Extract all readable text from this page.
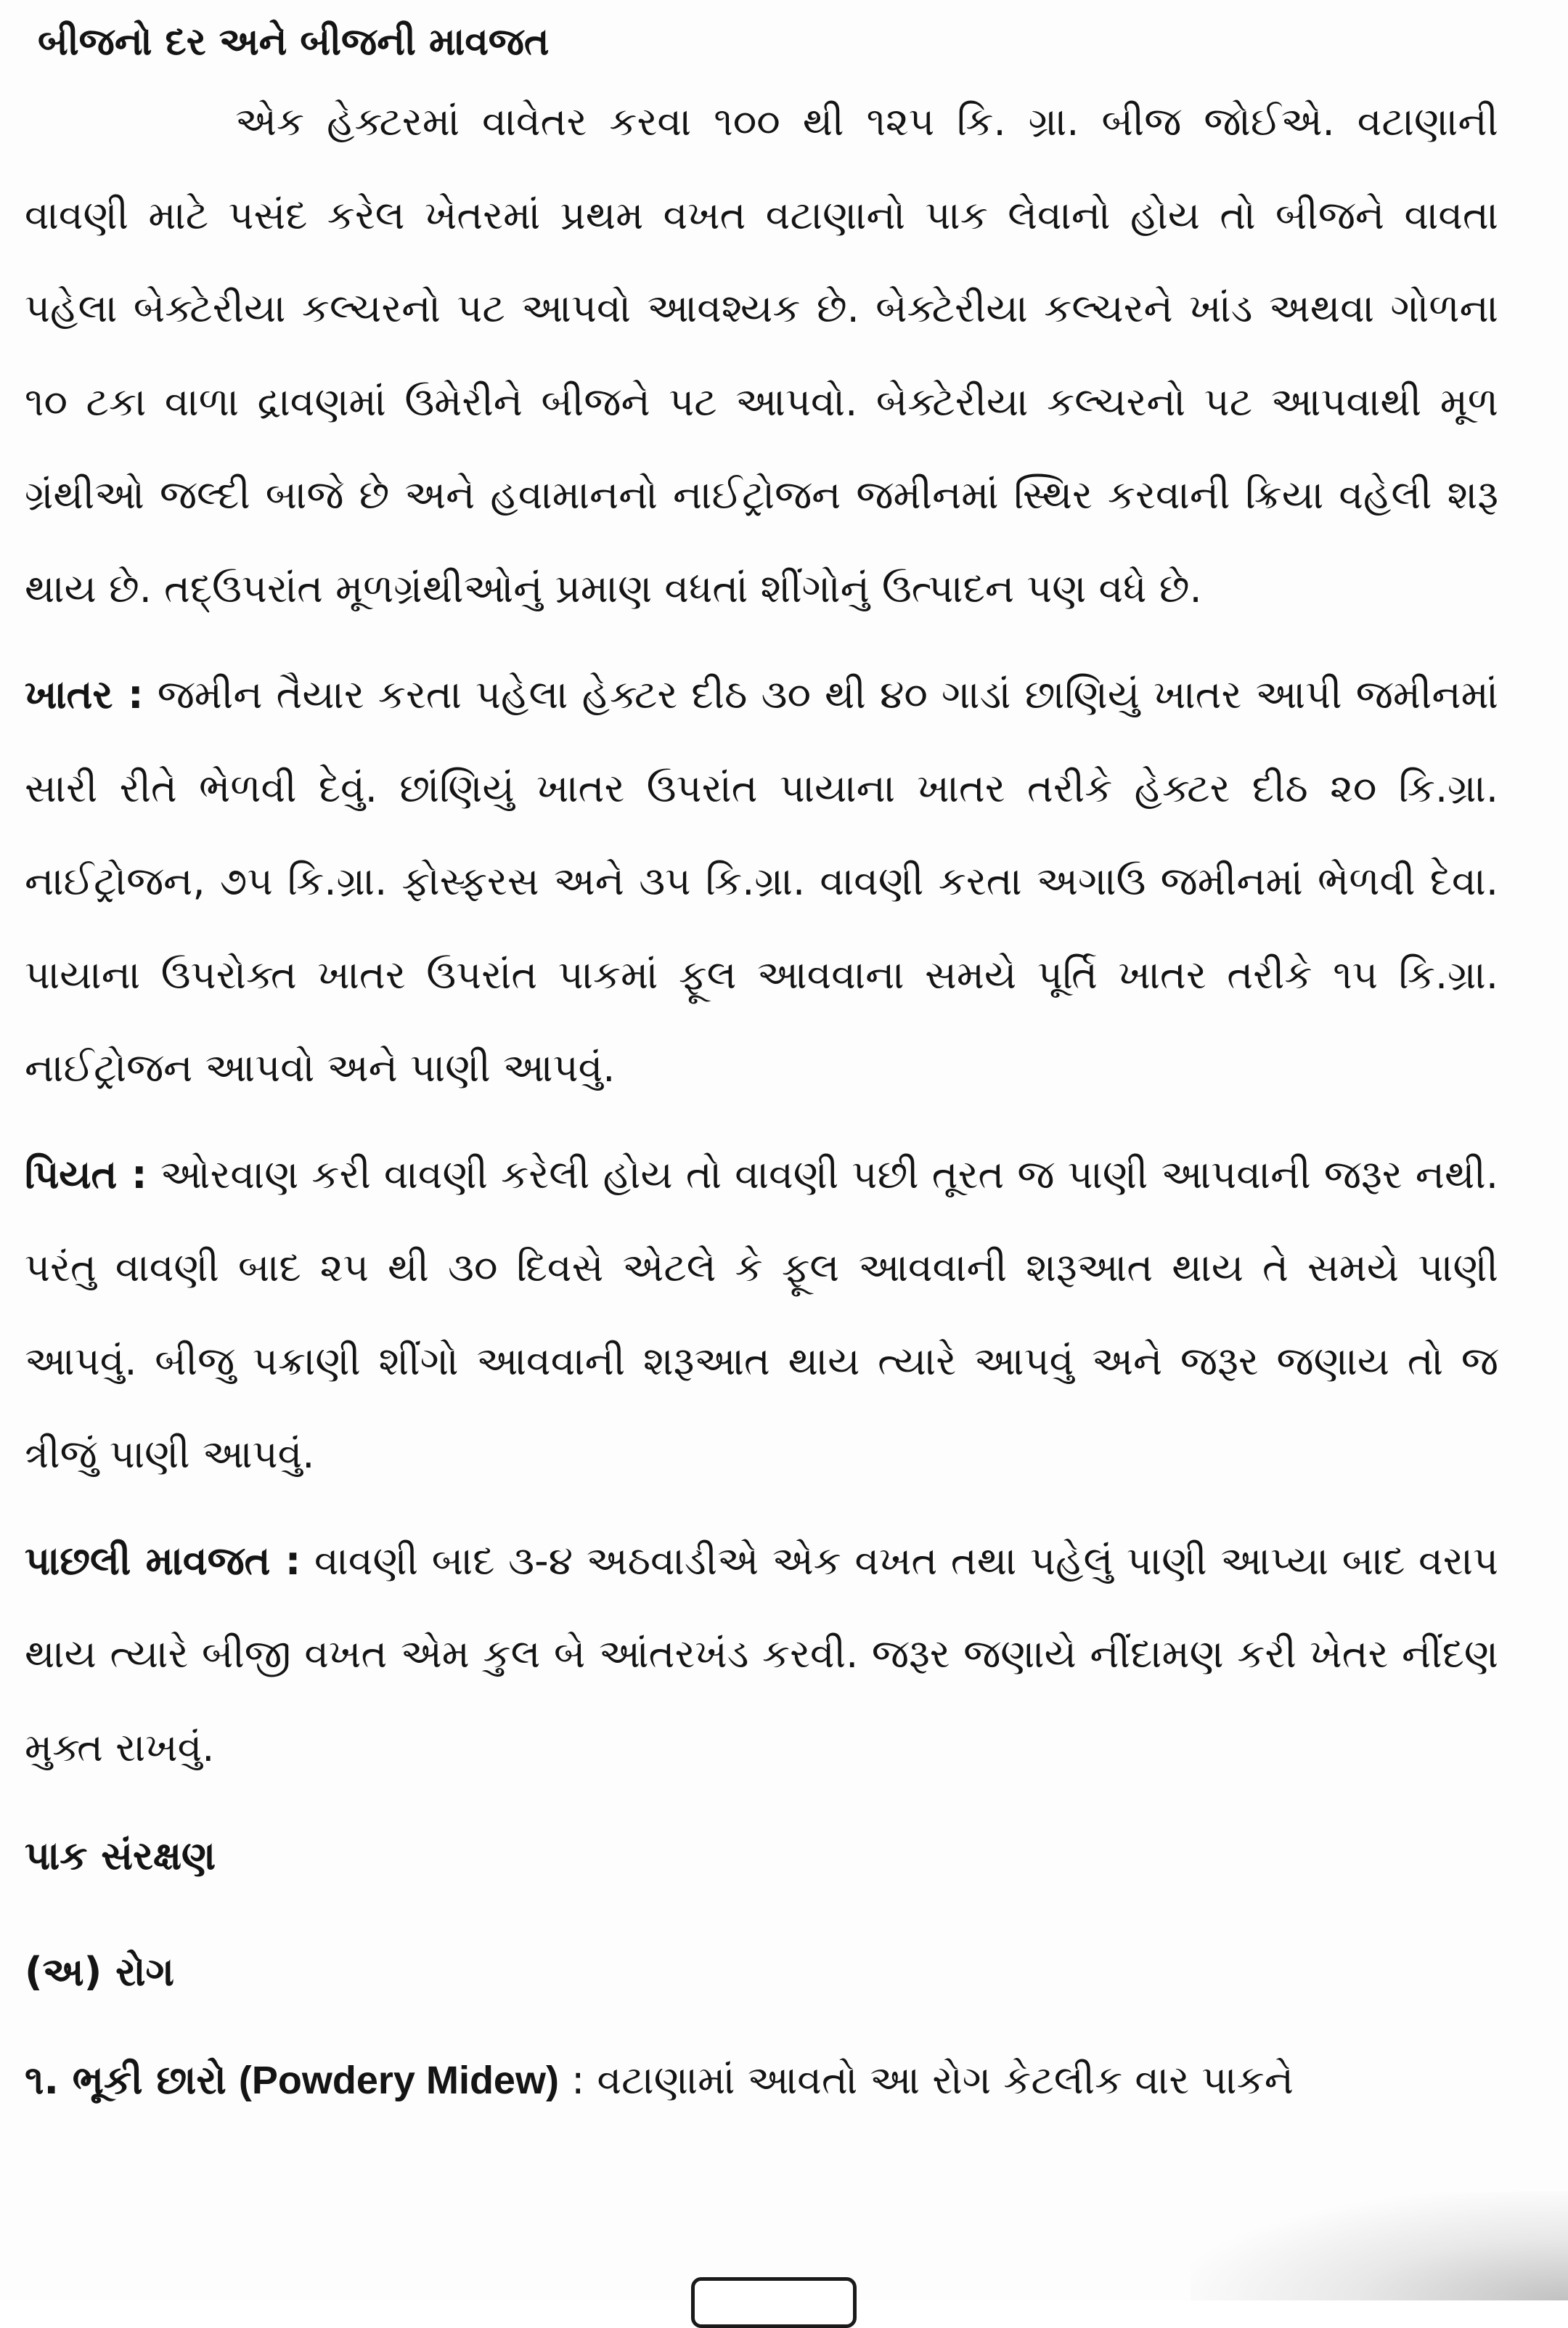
બીજનો દર અને બીજની માવજત

એક હેક્ટરમાં વાવેતર કરવા ૧૦૦ થી ૧૨૫ કિ. ગ્રા. બીજ જોઈએ. વટાણાની વાવણી માટે પસંદ કરેલ ખેતરમાં પ્રથમ વખત વટાણાનો પાક લેવાનો હોય તો બીજને વાવતા પહેલા બેક્ટેરીયા કલ્ચરનો પટ આપવો આવશ્યક છે. બેક્ટેરીયા કલ્ચરને ખાંડ અથવા ગોળના ૧૦ ટકા વાળા દ્રાવણમાં ઉમેરીને બીજને પટ આપવો. બેક્ટેરીયા કલ્ચરનો પટ આપવાથી મૂળ ગ્રંથીઓ જલ્દી બાજે છે અને હવામાનનો નાઈટ્રોજન જમીનમાં સ્થિર કરવાની ક્રિયા વહેલી શરૂ થાય છે. તદ્ઉપરાંત મૂળગ્રંથીઓનું પ્રમાણ વધતાં શીંગોનું ઉત્પાદન પણ વધે છે.

ખાતર : જમીન તૈયાર કરતા પહેલા હેક્ટર દીઠ ૩૦ થી ૪૦ ગાડાં છાણિયું ખાતર આપી જમીનમાં સારી રીતે ભેળવી દેવું. છાંણિયું ખાતર ઉપરાંત પાયાના ખાતર તરીકે હેક્ટર દીઠ ૨૦ કિ.ગ્રા. નાઈટ્રોજન, ૭૫ કિ.ગ્રા. ફોસ્ફરસ અને ૩૫ કિ.ગ્રા. વાવણી કરતા અગાઉ જમીનમાં ભેળવી દેવા. પાયાના ઉપરોક્ત ખાતર ઉપરાંત પાકમાં ફૂલ આવવાના સમયે પૂર્તિ ખાતર તરીકે ૧૫ કિ.ગ્રા. નાઈટ્રોજન આપવો અને પાણી આપવું.

પિયત : ઓરવાણ કરી વાવણી કરેલી હોય તો વાવણી પછી તૂરત જ પાણી આપવાની જરૂર નથી. પરંતુ વાવણી બાદ ૨૫ થી ૩૦ દિવસે એટલે કે ફૂલ આવવાની શરૂઆત થાય તે સમયે પાણી આપવું. બીજુ પક્રાણી શીંગો આવવાની શરૂઆત થાય ત્યારે આપવું અને જરૂર જણાય તો જ ત્રીજું પાણી આપવું.

પાછલી માવજત : વાવણી બાદ ૩-૪ અઠવાડીએ એક વખત તથા પહેલું પાણી આપ્યા બાદ વરાપ થાય ત્યારે બીજી વખત એમ કુલ બે આંતરખંડ કરવી. જરૂર જણાયે નીંદામણ કરી ખેતર નીંદણ મુક્ત રાખવું.

પાક સંરક્ષણ
(અ) રોગ
૧. ભૂકી છારો (Powdery Midew) : વટાણામાં આવતો આ રોગ કેટલીક વાર પાકને
